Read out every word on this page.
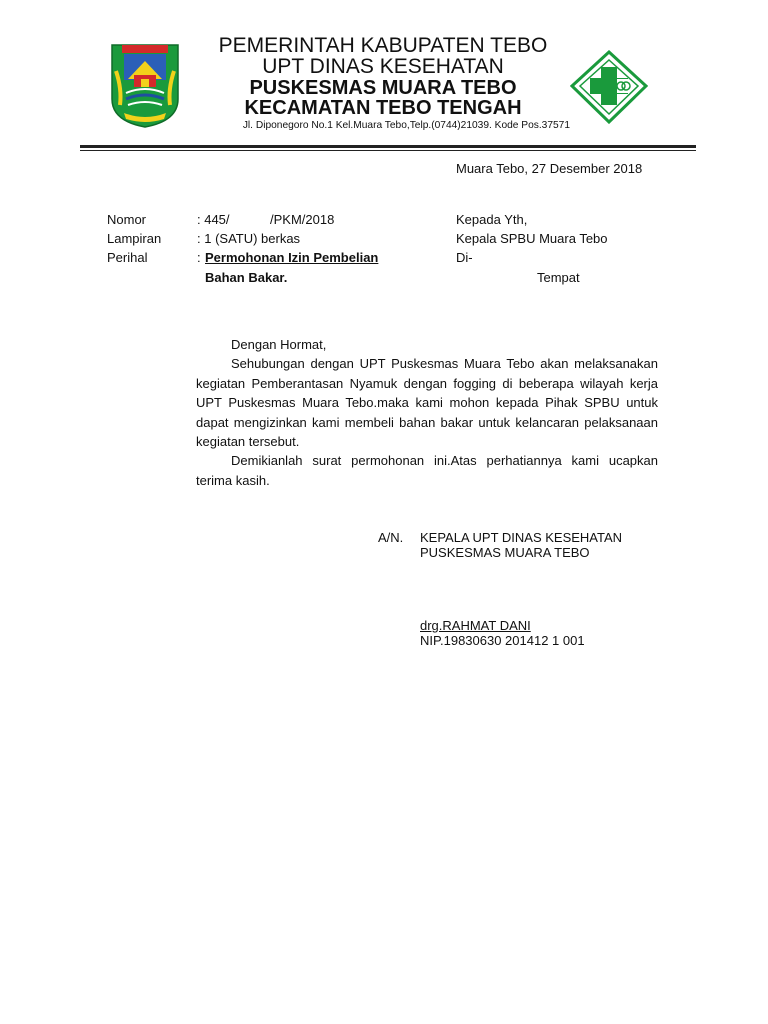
PEMERINTAH KABUPATEN TEBO
UPT DINAS KESEHATAN
PUSKESMAS MUARA TEBO
KECAMATAN TEBO TENGAH
Jl. Diponegoro No.1 Kel.Muara Tebo,Telp.(0744)21039. Kode Pos.37571
Muara Tebo, 27 Desember 2018
Nomor	: 445/	/PKM/2018
Lampiran	: 1 (SATU) berkas
Perihal	: Permohonan Izin Pembelian
Bahan Bakar.
Kepada Yth,
Kepala SPBU Muara Tebo
Di-
Tempat
Dengan Hormat,
Sehubungan dengan UPT Puskesmas Muara Tebo akan melaksanakan kegiatan Pemberantasan Nyamuk dengan fogging di beberapa wilayah kerja UPT Puskesmas Muara Tebo.maka kami mohon kepada Pihak SPBU untuk dapat mengizinkan kami membeli bahan bakar untuk kelancaran pelaksanaan kegiatan tersebut.
Demikianlah surat permohonan ini.Atas perhatiannya kami ucapkan terima kasih.
A/N. KEPALA UPT DINAS KESEHATAN
PUSKESMAS MUARA TEBO
drg.RAHMAT DANI
NIP.19830630 201412 1 001
